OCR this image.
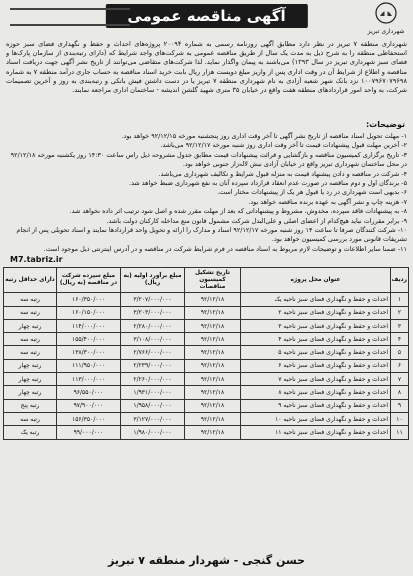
شهرداری تبریز
آگهی مناقصه عمومی
شهرداری منطقه ۷ تبریز در نظر دارد مطابق آگهی روزنامه رسمی به شماره ۲۰۰۹۴ پروژه‌های احداث و حفظ و نگهداری فضای سبز حوزه استحفاظی منطقه را به شرح ذیل به مدت یک سال از طریق مناقصه عمومی به شرکت‌های واجد شرایط که (دارای رتبه‌بندی از سازمان پارک‌ها و فضای سبز شهرداری تبریز در سال ۱۳۹۳) می‌باشند به پیمان واگذار نماید. لذا شرکت‌های متقاضی می‌توانند از تاریخ نشر آگهی جهت دریافت اسناد مناقصه و اطلاع از شرایط آن در وقت اداری پس از واریز مبلغ دویست هزار ریال بابت خرید اسناد مناقصه به حساب جاری درآمد منطقه ۷ به شماره ۱۰۰۷۹۶۷۰۷۹۶۹۸ نزد بانک شهر شعبه آزادی به نام شهرداری منطقه ۷ تبریز یا در دست داشتن فیش بانکی و رتبه‌بندی به روز و آخرین تصمیمات شرکت، به واحد امور قراردادهای منطقه هفت واقع در خیابان ۳۵ متری شهید گلشن اندیشه - ساختمان اداری مراجعه نمایند.
توضیحات:
۱- مهلت تحویل اسناد مناقصه از تاریخ نشر آگهی تا آخر وقت اداری روز پنجشنبه مورخه ۹۲/۱۲/۱۵ خواهد بود.
۲- آخرین مهلت قبول پیشنهادات قیمت تا آخر وقت اداری روز شنبه مورخه ۹۲/۱۲/۱۷ می‌باشد.
۳- تاریخ برگزاری کمیسیون مناقصه و بازگشایی و قرائت پیشنهادات قیمت مطابق جدول مشروحه ذیل راس ساعت ۱۴:۳۰ روز یکشنبه مورخه ۹۲/۱۲/۱۸ در محل ساختمان شهرداری تبریز واقع در خیابان آزادی نبش لاله‌زار جنوبی خواهد بود.
۴- شرکت در مناقصه و دادن پیشنهاد قیمت به منزله قبول شرایط و تکالیف شهرداری می‌باشد.
۵- برندگان اول و دوم مناقصه در صورت عدم انعقاد قرارداد سپرده آنان به نفع شهرداری ضبط خواهد شد.
۶- بدیهی است شهرداری در رد یا قبول هر یک از پیشنهادات مختار است.
۷- هزینه چاپ و نشر آگهی به عهده برنده مناقصه خواهد بود.
۸- به پیشنهادات فاقد سپرده، مخدوش، مشروط و پیشنهاداتی که بعد از مهلت مقرر شده و اصل شود ترتیب اثر داده نخواهد شد.
۹- برابر مقررات نباید هیچ‌کدام از اعضای اصلی و علی‌البدل شرکت مشمول قانون منع مداخله کارکنان دولت باشد.
۱۰- شرکت کنندگان صرفا تا ساعت ۱۴ روز شنبه مورخه ۹۲/۱۲/۱۷ اسناد و مدارک را ارائه و تحویل واحد قراردادها نمایند و اسناد تحویلی پس از انجام تشریفات قانونی مورد بررسی کمیسیون خواهد بود.
۱۱- ضمنا سایر اطلاعات و توضیحات لازم مربوط به اسناد مناقصه در فرم شرایط شرکت در مناقصه و در آدرس اینترنتی ذیل موجود است.
M7.tabriz.ir
ردیف	عنوان محل پروژه	تاریخ تشکیل کمیسیون مناقصات	مبلغ برآورد اولیه (به ریال)	مبلغ سپرده شرکت در مناقصه (به ریال)	دارای حداقل رتبه
۱	احداث و حفظ و نگهداری فضای سبز ناحیه یک	۹۲/۱۲/۱۸	۳/۲۰۷/۰۰۰/۰۰۰	۱۶۰/۳۵۰/۰۰۰	رتبه سه
۲	احداث و حفظ و نگهداری فضای سبز ناحیه ۲	۹۲/۱۲/۱۸	۳/۲۰۳/۰۰۰/۰۰۰	۱۶۰/۱۵۰/۰۰۰	رتبه سه
۳	احداث و حفظ و نگهداری فضای سبز ناحیه ۳	۹۲/۱۲/۱۸	۲/۲۸۰/۰۰۰/۰۰۰	۱۱۴/۰۰۰/۰۰۰	رتبه چهار
۴	احداث و حفظ و نگهداری فضای سبز ناحیه ۴	۹۲/۱۲/۱۸	۳/۱۰۸/۰۰۰/۰۰۰	۱۵۵/۴۰۰/۰۰۰	رتبه سه
۵	احداث و حفظ و نگهداری فضای سبز ناحیه ۵	۹۲/۱۲/۱۸	۲/۷۶۶/۰۰۰/۰۰۰	۱۳۸/۳۰۰/۰۰۰	رتبه سه
۶	احداث و حفظ و نگهداری فضای سبز ناحیه ۶	۹۲/۱۲/۱۸	۲/۲۳۹/۰۰۰/۰۰۰	۱۱۱/۹۵۰/۰۰۰	رتبه چهار
۷	احداث و حفظ و نگهداری فضای سبز ناحیه ۷	۹۲/۱۲/۱۸	۲/۲۶۰/۰۰۰/۰۰۰	۱۱۳/۰۰۰/۰۰۰	رتبه چهار
۸	احداث و حفظ و نگهداری فضای سبز ناحیه ۸	۹۲/۱۲/۱۸	۱/۹۳۱/۰۰۰/۰۰۰	۹۶/۵۵۰/۰۰۰	رتبه چهار
۹	احداث و حفظ و نگهداری فضای سبز ناحیه ۹	۹۲/۱۲/۱۸	۱/۹۵۸/۰۰۰/۰۰۰	۹۷/۹۰۰/۰۰۰	رتبه پنج
۱۰	احداث و حفظ و نگهداری فضای سبز ناحیه ۱۰	۹۲/۱۲/۱۸	۳/۱۲۷/۰۰۰/۰۰۰	۱۵۶/۳۵۰/۰۰۰	رتبه سه
۱۱	احداث و حفظ و نگهداری فضای سبز ناحیه ۱۱	۹۲/۱۲/۱۸	۱/۹۸۰/۰۰۰/۰۰۰	۹۹/۰۰۰/۰۰۰	رتبه یک
حسن گنجی - شهردار منطقه ۷ تبریز
